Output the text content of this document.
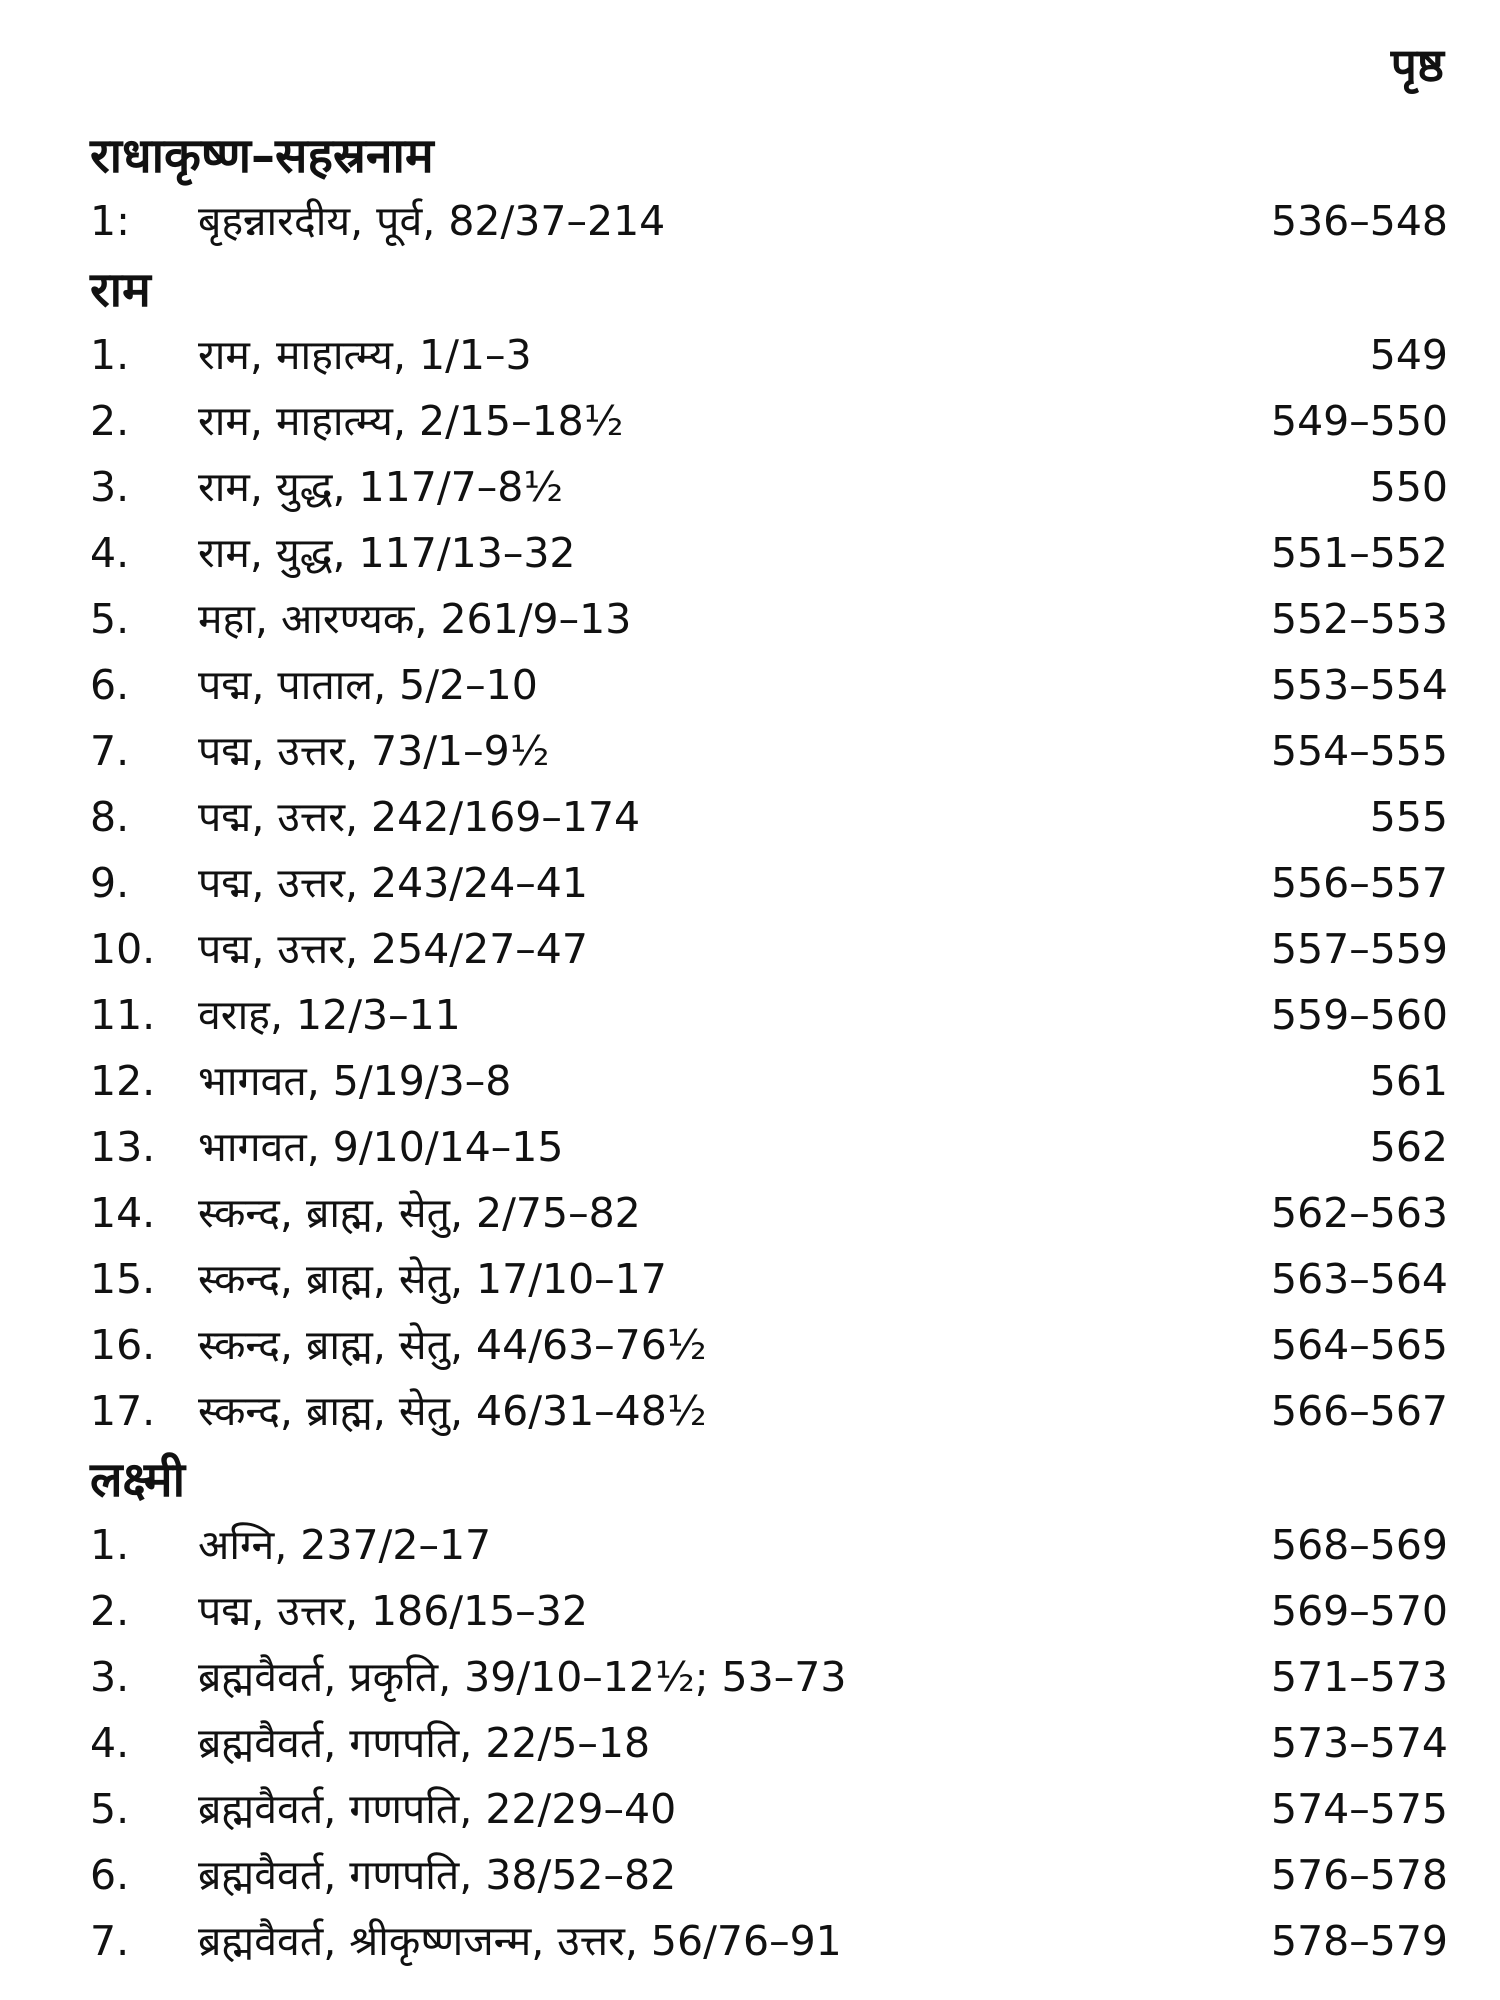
पृष्ठ
राधाकृष्ण–सहस्रनाम
1:	बृहन्नारदीय, पूर्व, 82/37–214	536–548
राम
1.	राम, माहात्म्य, 1/1–3	549
2.	राम, माहात्म्य, 2/15–18½	549–550
3.	राम, युद्ध, 117/7–8½	550
4.	राम, युद्ध, 117/13–32	551–552
5.	महा, आरण्यक, 261/9–13	552–553
6.	पद्म, पाताल, 5/2–10	553–554
7.	पद्म, उत्तर, 73/1–9½	554–555
8.	पद्म, उत्तर, 242/169–174	555
9.	पद्म, उत्तर, 243/24–41	556–557
10.	पद्म, उत्तर, 254/27–47	557–559
11.	वराह, 12/3–11	559–560
12.	भागवत, 5/19/3–8	561
13.	भागवत, 9/10/14–15	562
14.	स्कन्द, ब्राह्म, सेतु, 2/75–82	562–563
15.	स्कन्द, ब्राह्म, सेतु, 17/10–17	563–564
16.	स्कन्द, ब्राह्म, सेतु, 44/63–76½	564–565
17.	स्कन्द, ब्राह्म, सेतु, 46/31–48½	566–567
लक्ष्मी
1.	अग्नि, 237/2–17	568–569
2.	पद्म, उत्तर, 186/15–32	569–570
3.	ब्रह्मवैवर्त, प्रकृति, 39/10–12½; 53–73	571–573
4.	ब्रह्मवैवर्त, गणपति, 22/5–18	573–574
5.	ब्रह्मवैवर्त, गणपति, 22/29–40	574–575
6.	ब्रह्मवैवर्त, गणपति, 38/52–82	576–578
7.	ब्रह्मवैवर्त, श्रीकृष्णजन्म, उत्तर, 56/76–91	578–579
